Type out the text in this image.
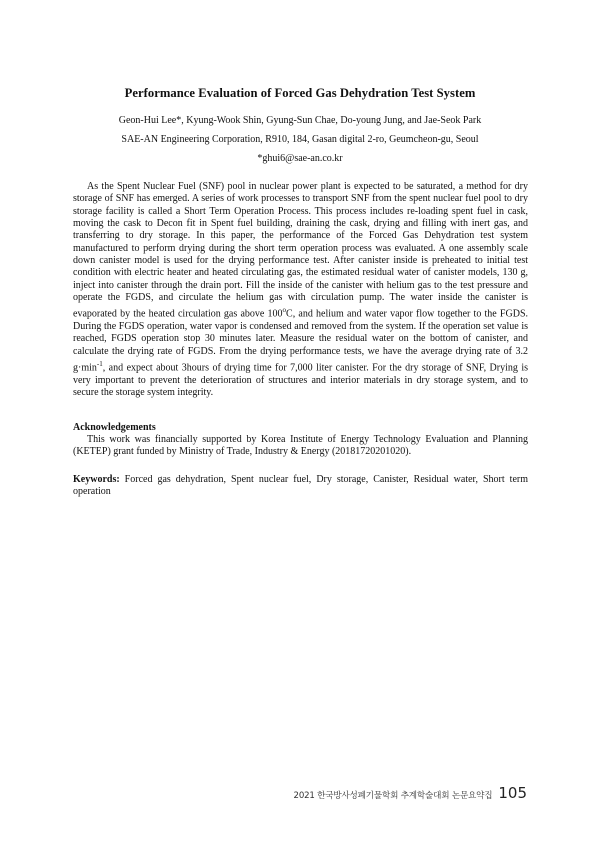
Performance Evaluation of Forced Gas Dehydration Test System
Geon-Hui Lee*, Kyung-Wook Shin, Gyung-Sun Chae, Do-young Jung, and Jae-Seok Park
SAE-AN Engineering Corporation, R910, 184, Gasan digital 2-ro, Geumcheon-gu, Seoul
*ghui6@sae-an.co.kr

As the Spent Nuclear Fuel (SNF) pool in nuclear power plant is expected to be saturated, a method for dry storage of SNF has emerged. A series of work processes to transport SNF from the spent nuclear fuel pool to dry storage facility is called a Short Term Operation Process. This process includes re-loading spent fuel in cask, moving the cask to Decon fit in Spent fuel building, draining the cask, drying and filling with inert gas, and transferring to dry storage. In this paper, the performance of the Forced Gas Dehydration test system manufactured to perform drying during the short term operation process was evaluated. A one assembly scale down canister model is used for the drying performance test. After canister inside is preheated to initial test condition with electric heater and heated circulating gas, the estimated residual water of canister models, 130 g, inject into canister through the drain port. Fill the inside of the canister with helium gas to the test pressure and operate the FGDS, and circulate the helium gas with circulation pump. The water inside the canister is evaporated by the heated circulation gas above 100$^o$C, and helium and water vapor flow together to the FGDS. During the FGDS operation, water vapor is condensed and removed from the system. If the operation set value is reached, FGDS operation stop 30 minutes later. Measure the residual water on the bottom of canister, and calculate the drying rate of FGDS. From the drying performance tests, we have the average drying rate of 3.2 $g\cdot\min^{-1}$, and expect about 3hours of drying time for 7,000 liter canister. For the dry storage of SNF, Drying is very important to prevent the deterioration of structures and interior materials in dry storage system, and to secure the storage system integrity.

Acknowledgements

This work was financially supported by Korea Institute of Energy Technology Evaluation and Planning (KETEP) grant funded by Ministry of Trade, Industry & Energy (20181720201020).

Keywords: Forced gas dehydration, Spent nuclear fuel, Dry storage, Canister, Residual water, Short term operation

2021 한국방사성폐기물학회 추계학술대회 논문요약집 105
